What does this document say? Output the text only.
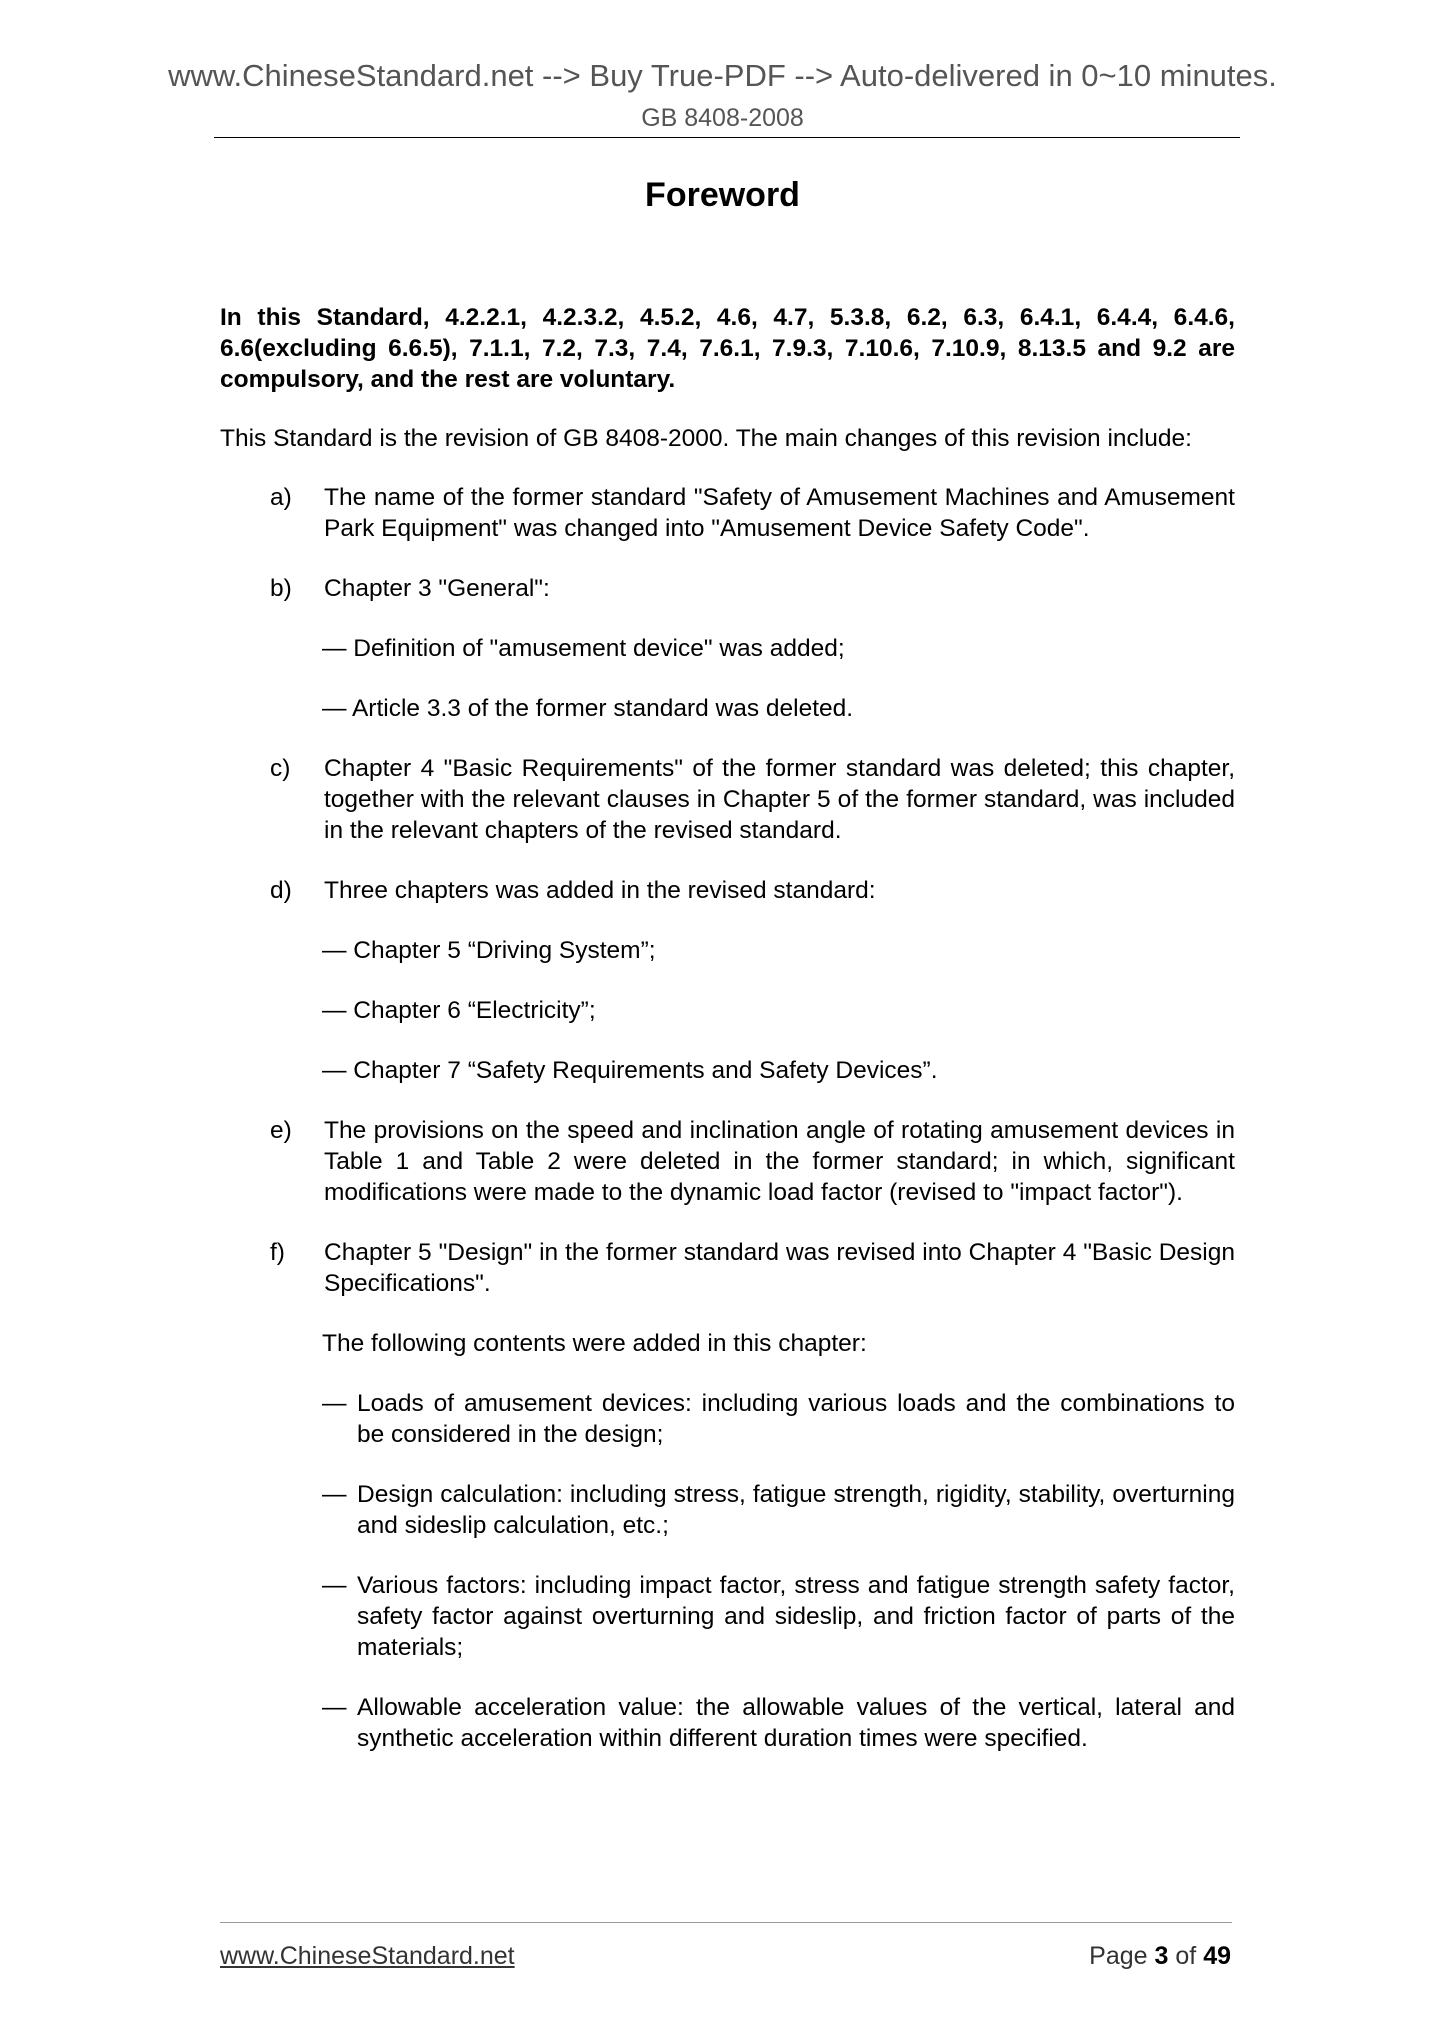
www.ChineseStandard.net --> Buy True-PDF --> Auto-delivered in 0~10 minutes.
GB 8408-2008
Foreword

In this Standard, 4.2.2.1, 4.2.3.2, 4.5.2, 4.6, 4.7, 5.3.8, 6.2, 6.3, 6.4.1, 6.4.4, 6.4.6, 6.6(excluding 6.6.5), 7.1.1, 7.2, 7.3, 7.4, 7.6.1, 7.9.3, 7.10.6, 7.10.9, 8.13.5 and 9.2 are compulsory, and the rest are voluntary.

This Standard is the revision of GB 8408-2000. The main changes of this revision include:

a) The name of the former standard "Safety of Amusement Machines and Amusement Park Equipment" was changed into "Amusement Device Safety Code".
b) Chapter 3 "General":

— Definition of "amusement device" was added;

— Article 3.3 of the former standard was deleted.

c) Chapter 4 "Basic Requirements" of the former standard was deleted; this chapter, together with the relevant clauses in Chapter 5 of the former standard, was included in the relevant chapters of the revised standard.
d) Three chapters was added in the revised standard:

— Chapter 5 “Driving System”;

— Chapter 6 “Electricity”;

— Chapter 7 “Safety Requirements and Safety Devices”.

e) The provisions on the speed and inclination angle of rotating amusement devices in Table 1 and Table 2 were deleted in the former standard; in which, significant modifications were made to the dynamic load factor (revised to "impact factor").
f) Chapter 5 "Design" in the former standard was revised into Chapter 4 "Basic Design Specifications".

The following contents were added in this chapter:

— Loads of amusement devices: including various loads and the combinations to be considered in the design;
— Design calculation: including stress, fatigue strength, rigidity, stability, overturning and sideslip calculation, etc.;
— Various factors: including impact factor, stress and fatigue strength safety factor, safety factor against overturning and sideslip, and friction factor of parts of the materials;
— Allowable acceleration value: the allowable values of the vertical, lateral and synthetic acceleration within different duration times were specified.
www.ChineseStandard.net	Page 3 of 49
